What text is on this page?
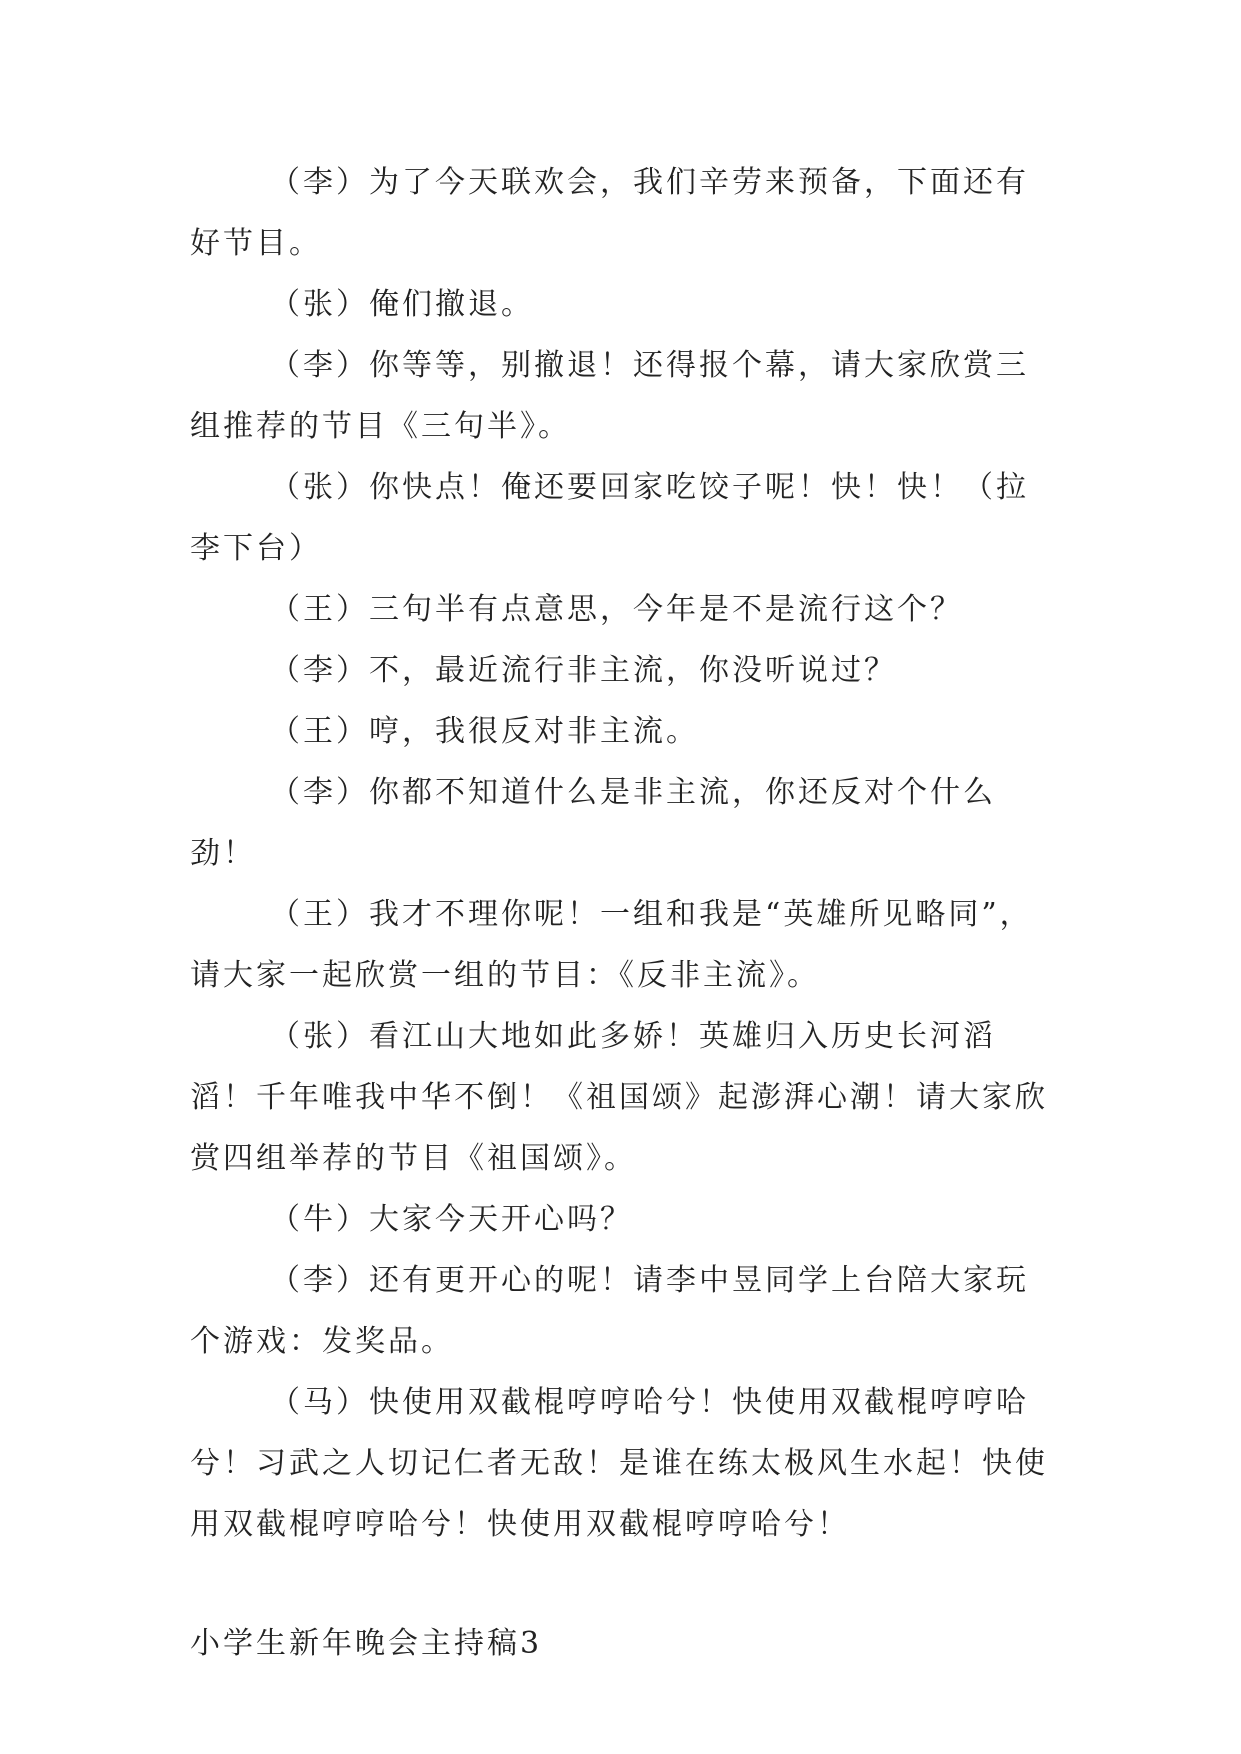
（李）为了今天联欢会，我们辛劳来预备，下面还有好节目。

（张）俺们撤退。

（李）你等等，别撤退！还得报个幕，请大家欣赏三组推荐的节目《三句半》。

（张）你快点！俺还要回家吃饺子呢！快！快！（拉李下台）

（王）三句半有点意思，今年是不是流行这个？

（李）不，最近流行非主流，你没听说过？

（王）哼，我很反对非主流。

（李）你都不知道什么是非主流，你还反对个什么劲！

（王）我才不理你呢！一组和我是“英雄所见略同”，请大家一起欣赏一组的节目：《反非主流》。

（张）看江山大地如此多娇！英雄归入历史长河滔滔！千年唯我中华不倒！《祖国颂》起澎湃心潮！请大家欣赏四组举荐的节目《祖国颂》。

（牛）大家今天开心吗？

（李）还有更开心的呢！请李中昱同学上台陪大家玩个游戏：发奖品。

（马）快使用双截棍哼哼哈兮！快使用双截棍哼哼哈兮！习武之人切记仁者无敌！是谁在练太极风生水起！快使用双截棍哼哼哈兮！快使用双截棍哼哼哈兮！

小学生新年晚会主持稿3
